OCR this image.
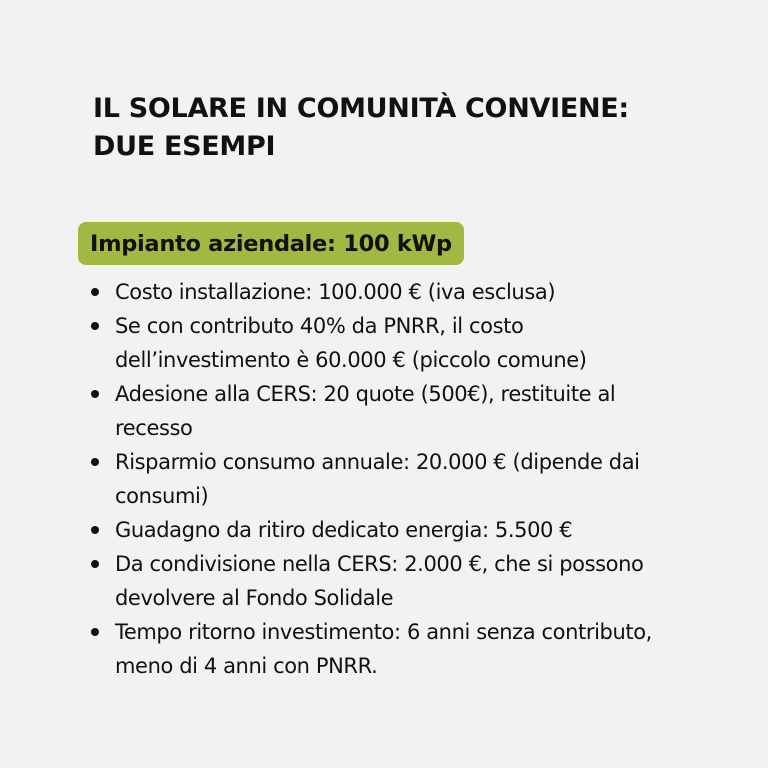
IL SOLARE IN COMUNITÀ CONVIENE:
DUE ESEMPI
Impianto aziendale: 100 kWp
Costo installazione: 100.000 € (iva esclusa)
Se con contributo 40% da PNRR, il costo dell’investimento è 60.000 € (piccolo comune)
Adesione alla CERS: 20 quote (500€), restituite al recesso
Risparmio consumo annuale: 20.000 € (dipende dai consumi)
Guadagno da ritiro dedicato energia: 5.500 €
Da condivisione nella CERS: 2.000 €, che si possono devolvere al Fondo Solidale
Tempo ritorno investimento: 6 anni senza contributo, meno di 4 anni con PNRR.
